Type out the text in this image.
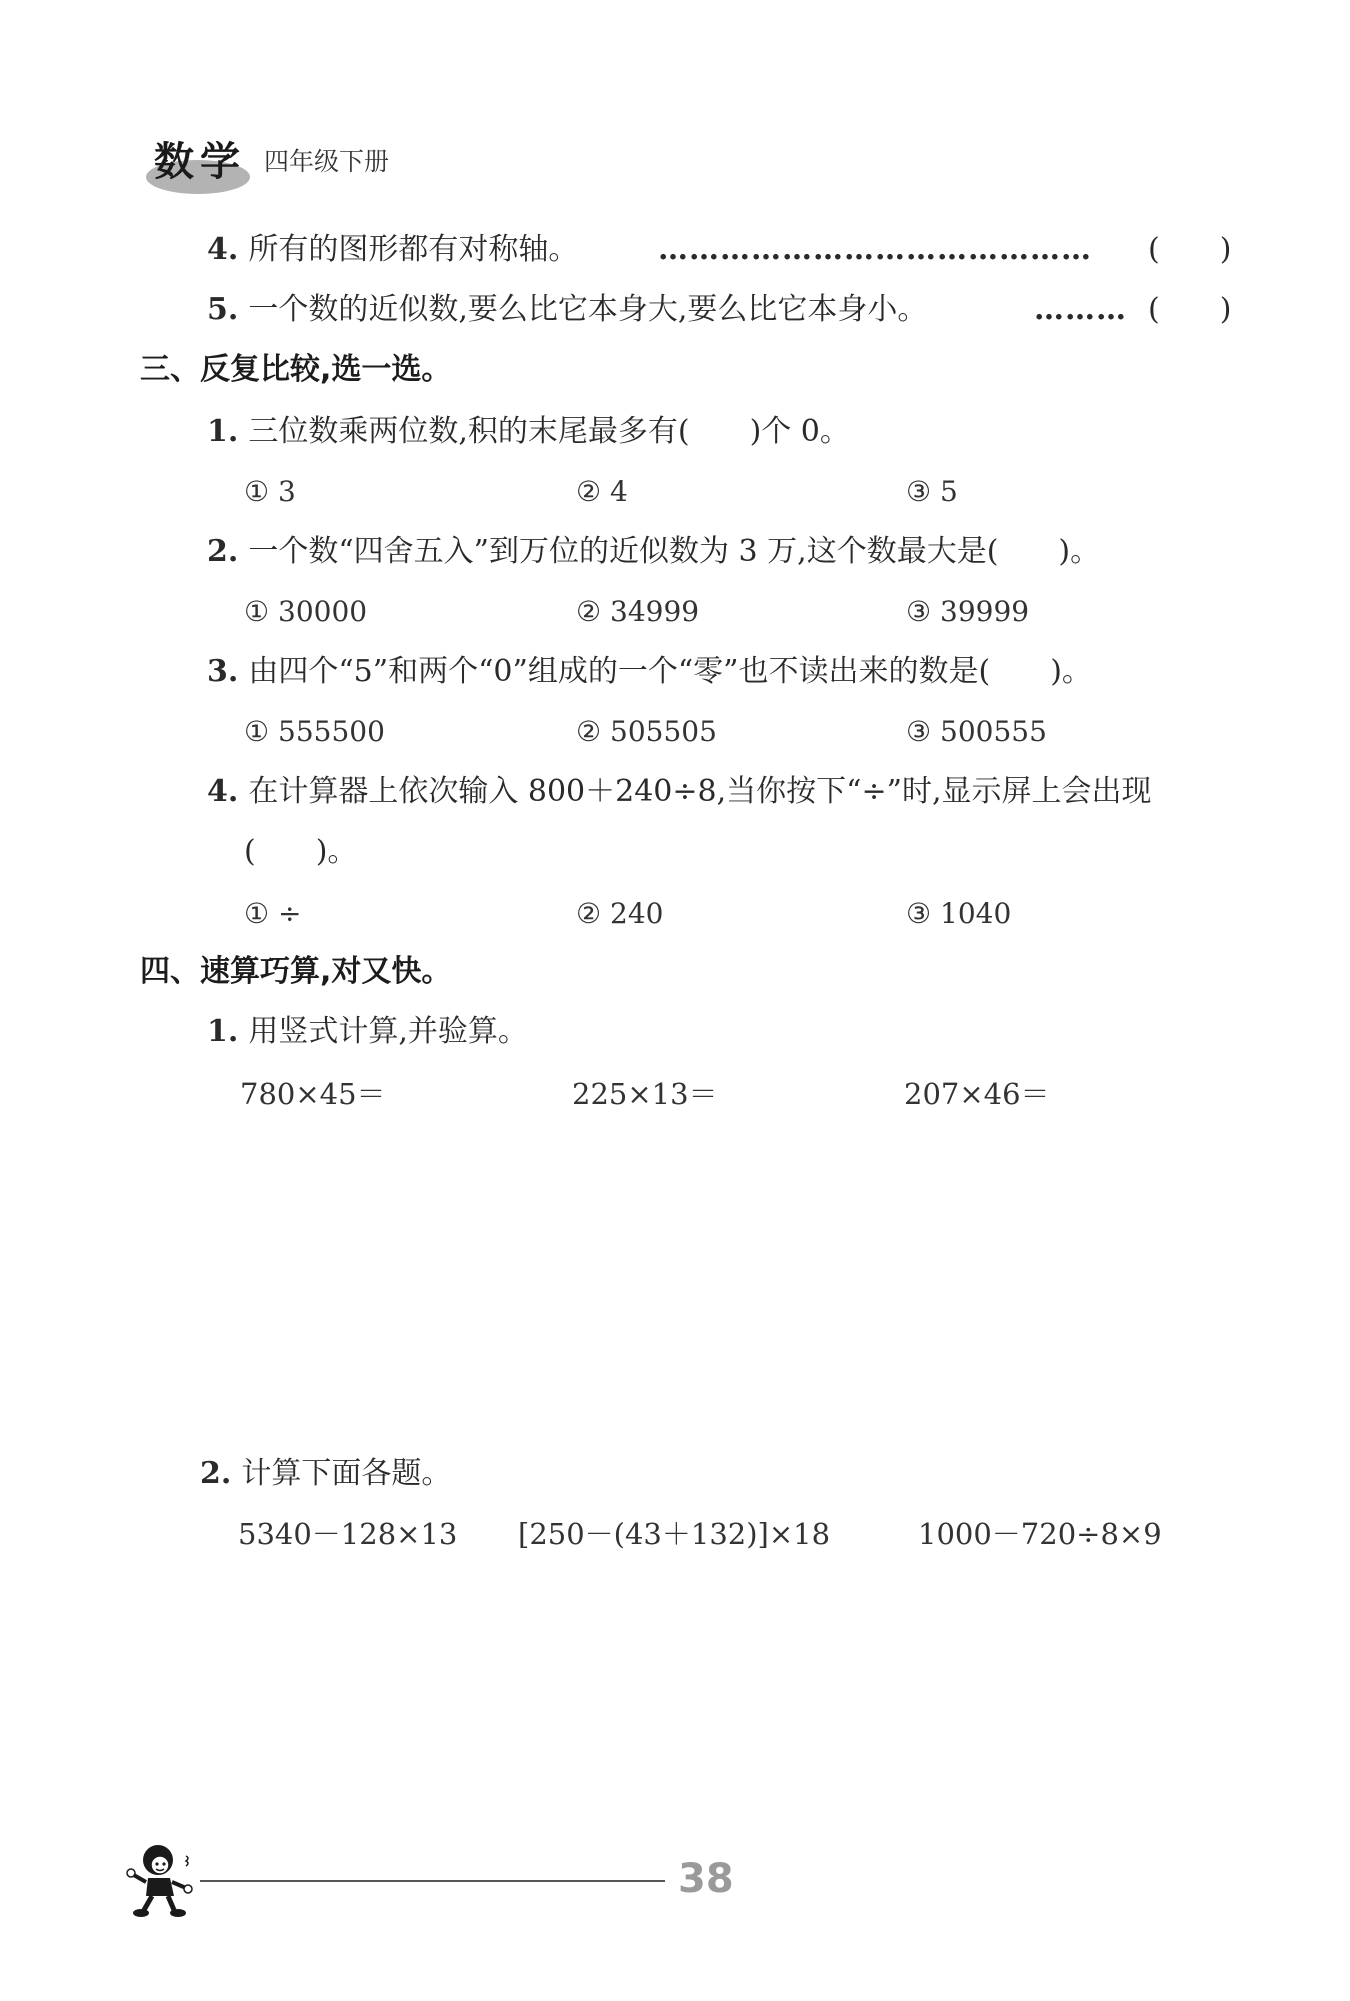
数学 四年级下册
4. 所有的图形都有对称轴。	…………………………………… (　　)
5. 一个数的近似数,要么比它本身大,要么比它本身小。	……… (　　)
三、反复比较,选一选。
1. 三位数乘两位数,积的末尾最多有(　　)个 0。
① 3	② 4	③ 5
2. 一个数“四舍五入”到万位的近似数为 3 万,这个数最大是(　　)。
① 30000	② 34999	③ 39999
3. 由四个“5”和两个“0”组成的一个“零”也不读出来的数是(　　)。
① 555500	② 505505	③ 500555
4. 在计算器上依次输入 800＋240÷8,当你按下“÷”时,显示屏上会出现
(　　)。
① ÷	② 240	③ 1040
四、速算巧算,对又快。
1. 用竖式计算,并验算。
780×45＝	225×13＝	207×46＝
2. 计算下面各题。
5340－128×13 [250－(43＋132)]×18	1000－720÷8×9
38
